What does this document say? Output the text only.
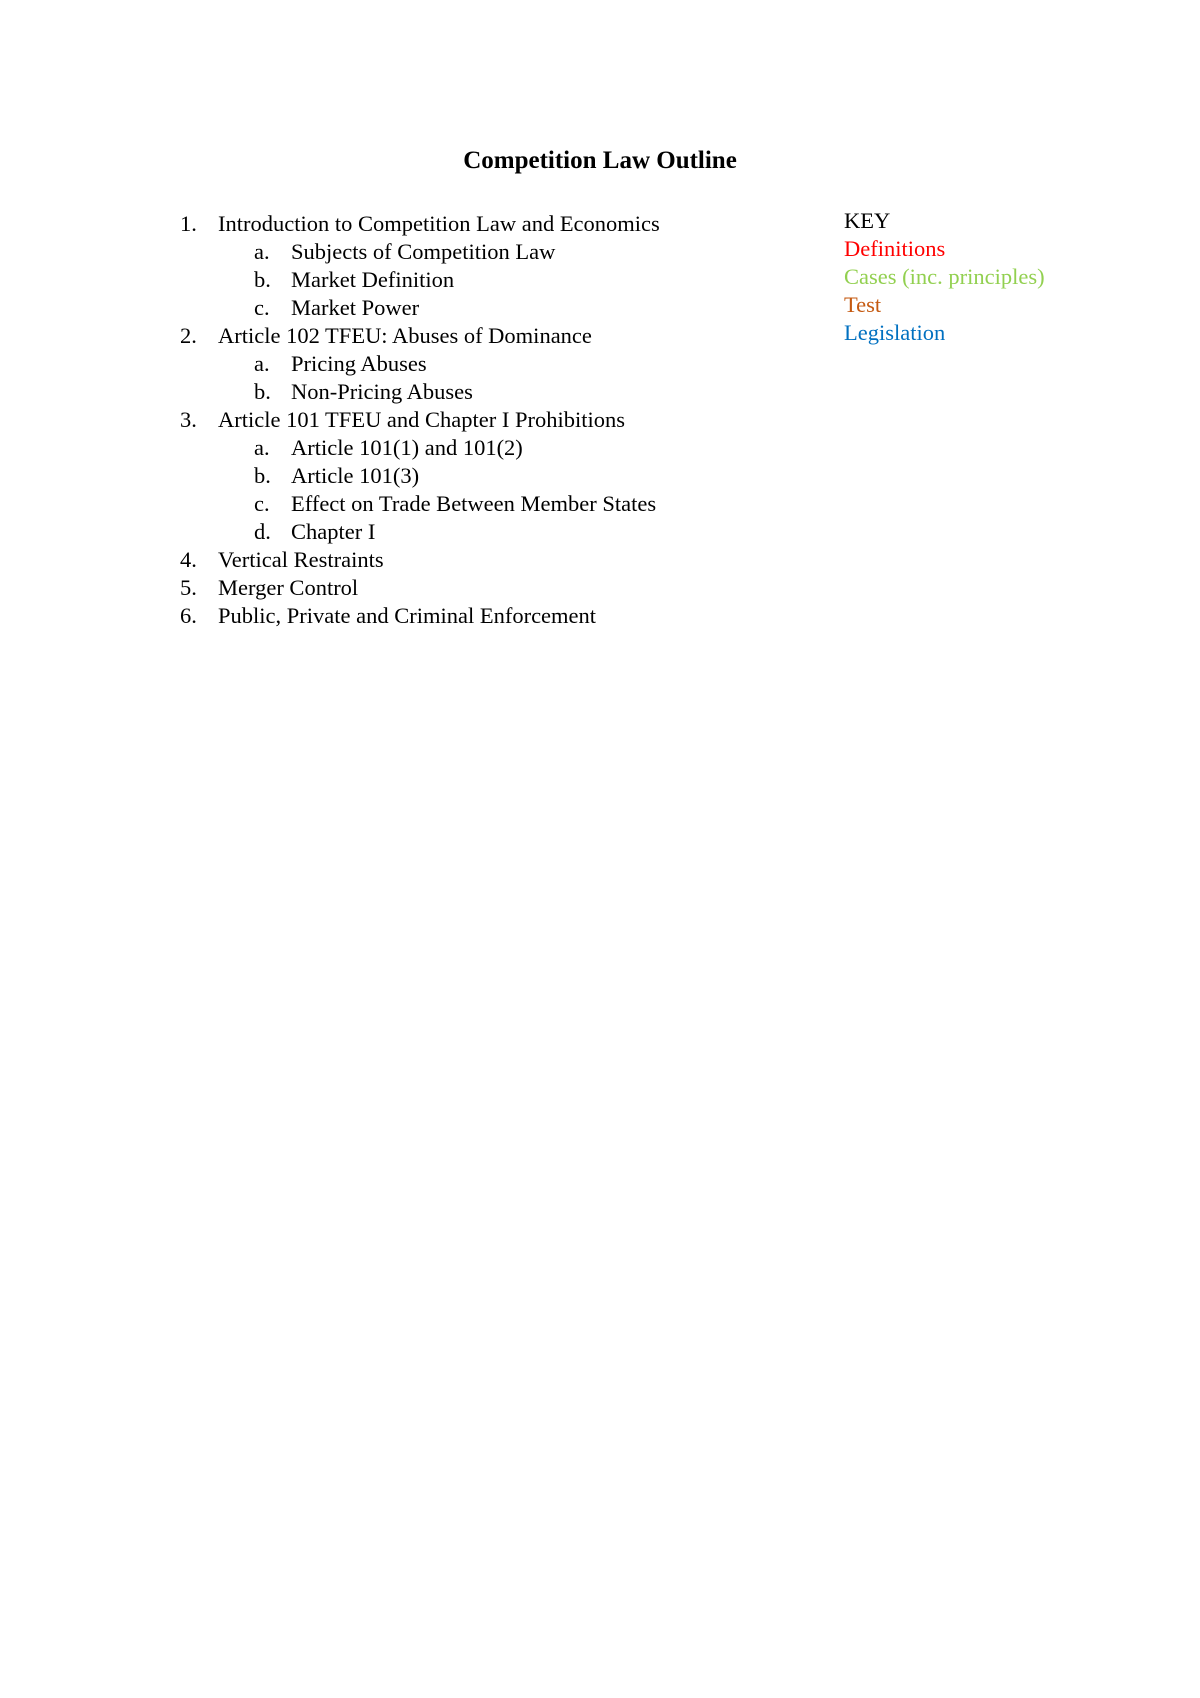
Competition Law Outline
1. Introduction to Competition Law and Economics
a. Subjects of Competition Law
b. Market Definition
c. Market Power
2. Article 102 TFEU: Abuses of Dominance
a. Pricing Abuses
b. Non-Pricing Abuses
3. Article 101 TFEU and Chapter I Prohibitions
a. Article 101(1) and 101(2)
b. Article 101(3)
c. Effect on Trade Between Member States
d. Chapter I
4. Vertical Restraints
5. Merger Control
6. Public, Private and Criminal Enforcement
KEY
Definitions
Cases (inc. principles)
Test
Legislation
